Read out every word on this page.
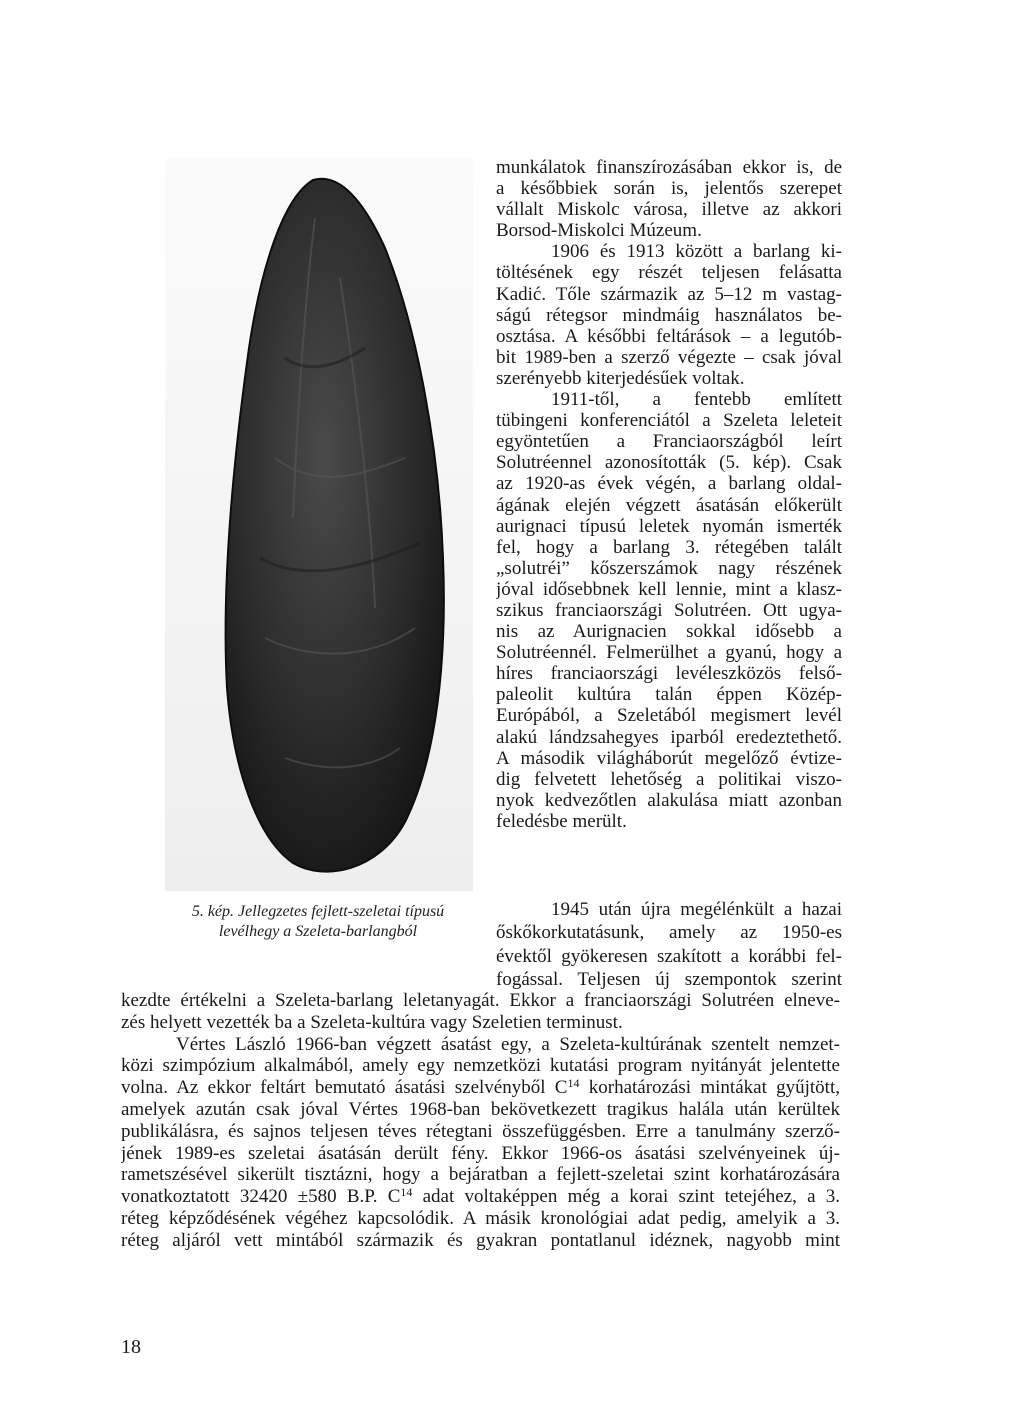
5. kép. Jellegzetes fejlett-szeletai típusú
levélhegy a Szeleta-barlangból
munkálatok finanszírozásában ekkor is, de
a későbbiek során is, jelentős szerepet
vállalt Miskolc városa, illetve az akkori
Borsod-Miskolci Múzeum.
1906 és 1913 között a barlang ki-
töltésének egy részét teljesen felásatta
Kadić. Tőle származik az 5–12 m vastag-
ságú rétegsor mindmáig használatos be-
osztása. A későbbi feltárások – a legutób-
bit 1989-ben a szerző végezte – csak jóval
szerényebb kiterjedésűek voltak.
1911-től, a fentebb említett
tübingeni konferenciától a Szeleta leleteit
egyöntetűen a Franciaországból leírt
Solutréennel azonosították (5. kép). Csak
az 1920-as évek végén, a barlang oldal-
ágának elején végzett ásatásán előkerült
aurignaci típusú leletek nyomán ismerték
fel, hogy a barlang 3. rétegében talált
„solutréi” kőszerszámok nagy részének
jóval idősebbnek kell lennie, mint a klasz-
szikus franciaországi Solutréen. Ott ugya-
nis az Aurignacien sokkal idősebb a
Solutréennél. Felmerülhet a gyanú, hogy a
híres franciaországi levéleszközös felső-
paleolit kultúra talán éppen Közép-
Európából, a Szeletából megismert levél
alakú lándzsahegyes iparból eredeztethető.
A második világháborút megelőző évtize-
dig felvetett lehetőség a politikai viszo-
nyok kedvezőtlen alakulása miatt azonban
feledésbe merült.
1945 után újra megélénkült a hazai
őskőkorkutatásunk, amely az 1950-es
évektől gyökeresen szakított a korábbi fel-
fogással. Teljesen új szempontok szerint
kezdte értékelni a Szeleta-barlang leletanyagát. Ekkor a franciaországi Solutréen elneve-
zés helyett vezették ba a Szeleta-kultúra vagy Szeletien terminust.
Vértes László 1966-ban végzett ásatást egy, a Szeleta-kultúrának szentelt nemzet-
közi szimpózium alkalmából, amely egy nemzetközi kutatási program nyitányát jelentette
volna. Az ekkor feltárt bemutató ásatási szelvényből $C^{14}$ korhatározási mintákat gyűjtött,
amelyek azután csak jóval Vértes 1968-ban bekövetkezett tragikus halála után kerültek
publikálásra, és sajnos teljesen téves rétegtani összefüggésben. Erre a tanulmány szerző-
jének 1989-es szeletai ásatásán derült fény. Ekkor 1966-os ásatási szelvényeinek új-
rametszésével sikerült tisztázni, hogy a bejáratban a fejlett-szeletai szint korhatározására
vonatkoztatott 32420 ±580 B.P. $C^{14}$ adat voltaképpen még a korai szint tetejéhez, a 3.
réteg képződésének végéhez kapcsolódik. A másik kronológiai adat pedig, amelyik a 3.
réteg aljáról vett mintából származik és gyakran pontatlanul idéznek, nagyobb mint
18
